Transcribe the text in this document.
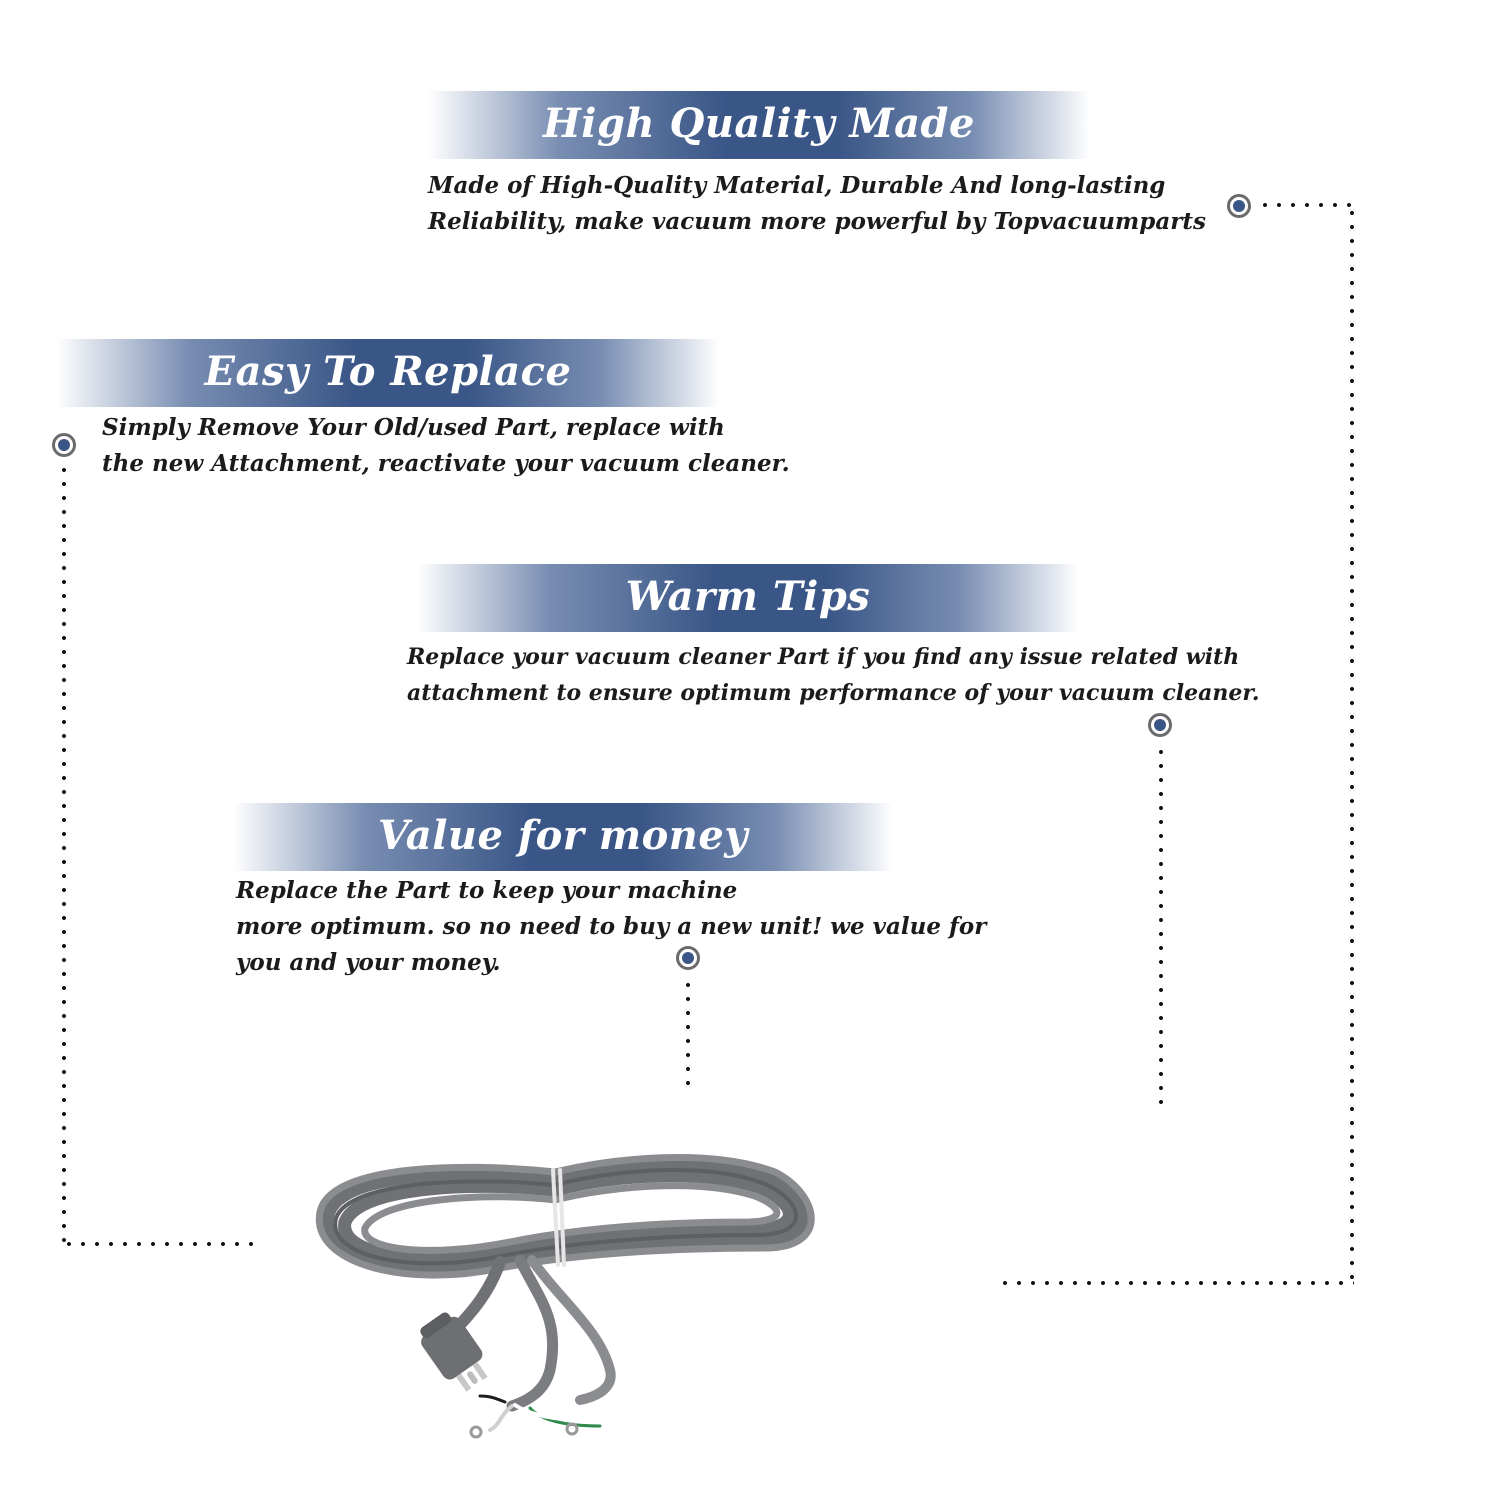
High Quality Made

Made of High-Quality Material, Durable And long-lasting
Reliability, make vacuum more powerful by Topvacuumparts

Easy To Replace

Simply Remove Your Old/used Part, replace with
the new Attachment, reactivate your vacuum cleaner.

Warm Tips

Replace your vacuum cleaner Part if you find any issue related with
attachment to ensure optimum performance of your vacuum cleaner.

Value for money

Replace the Part to keep your machine
more optimum. so no need to buy a new unit! we value for
you and your money.
